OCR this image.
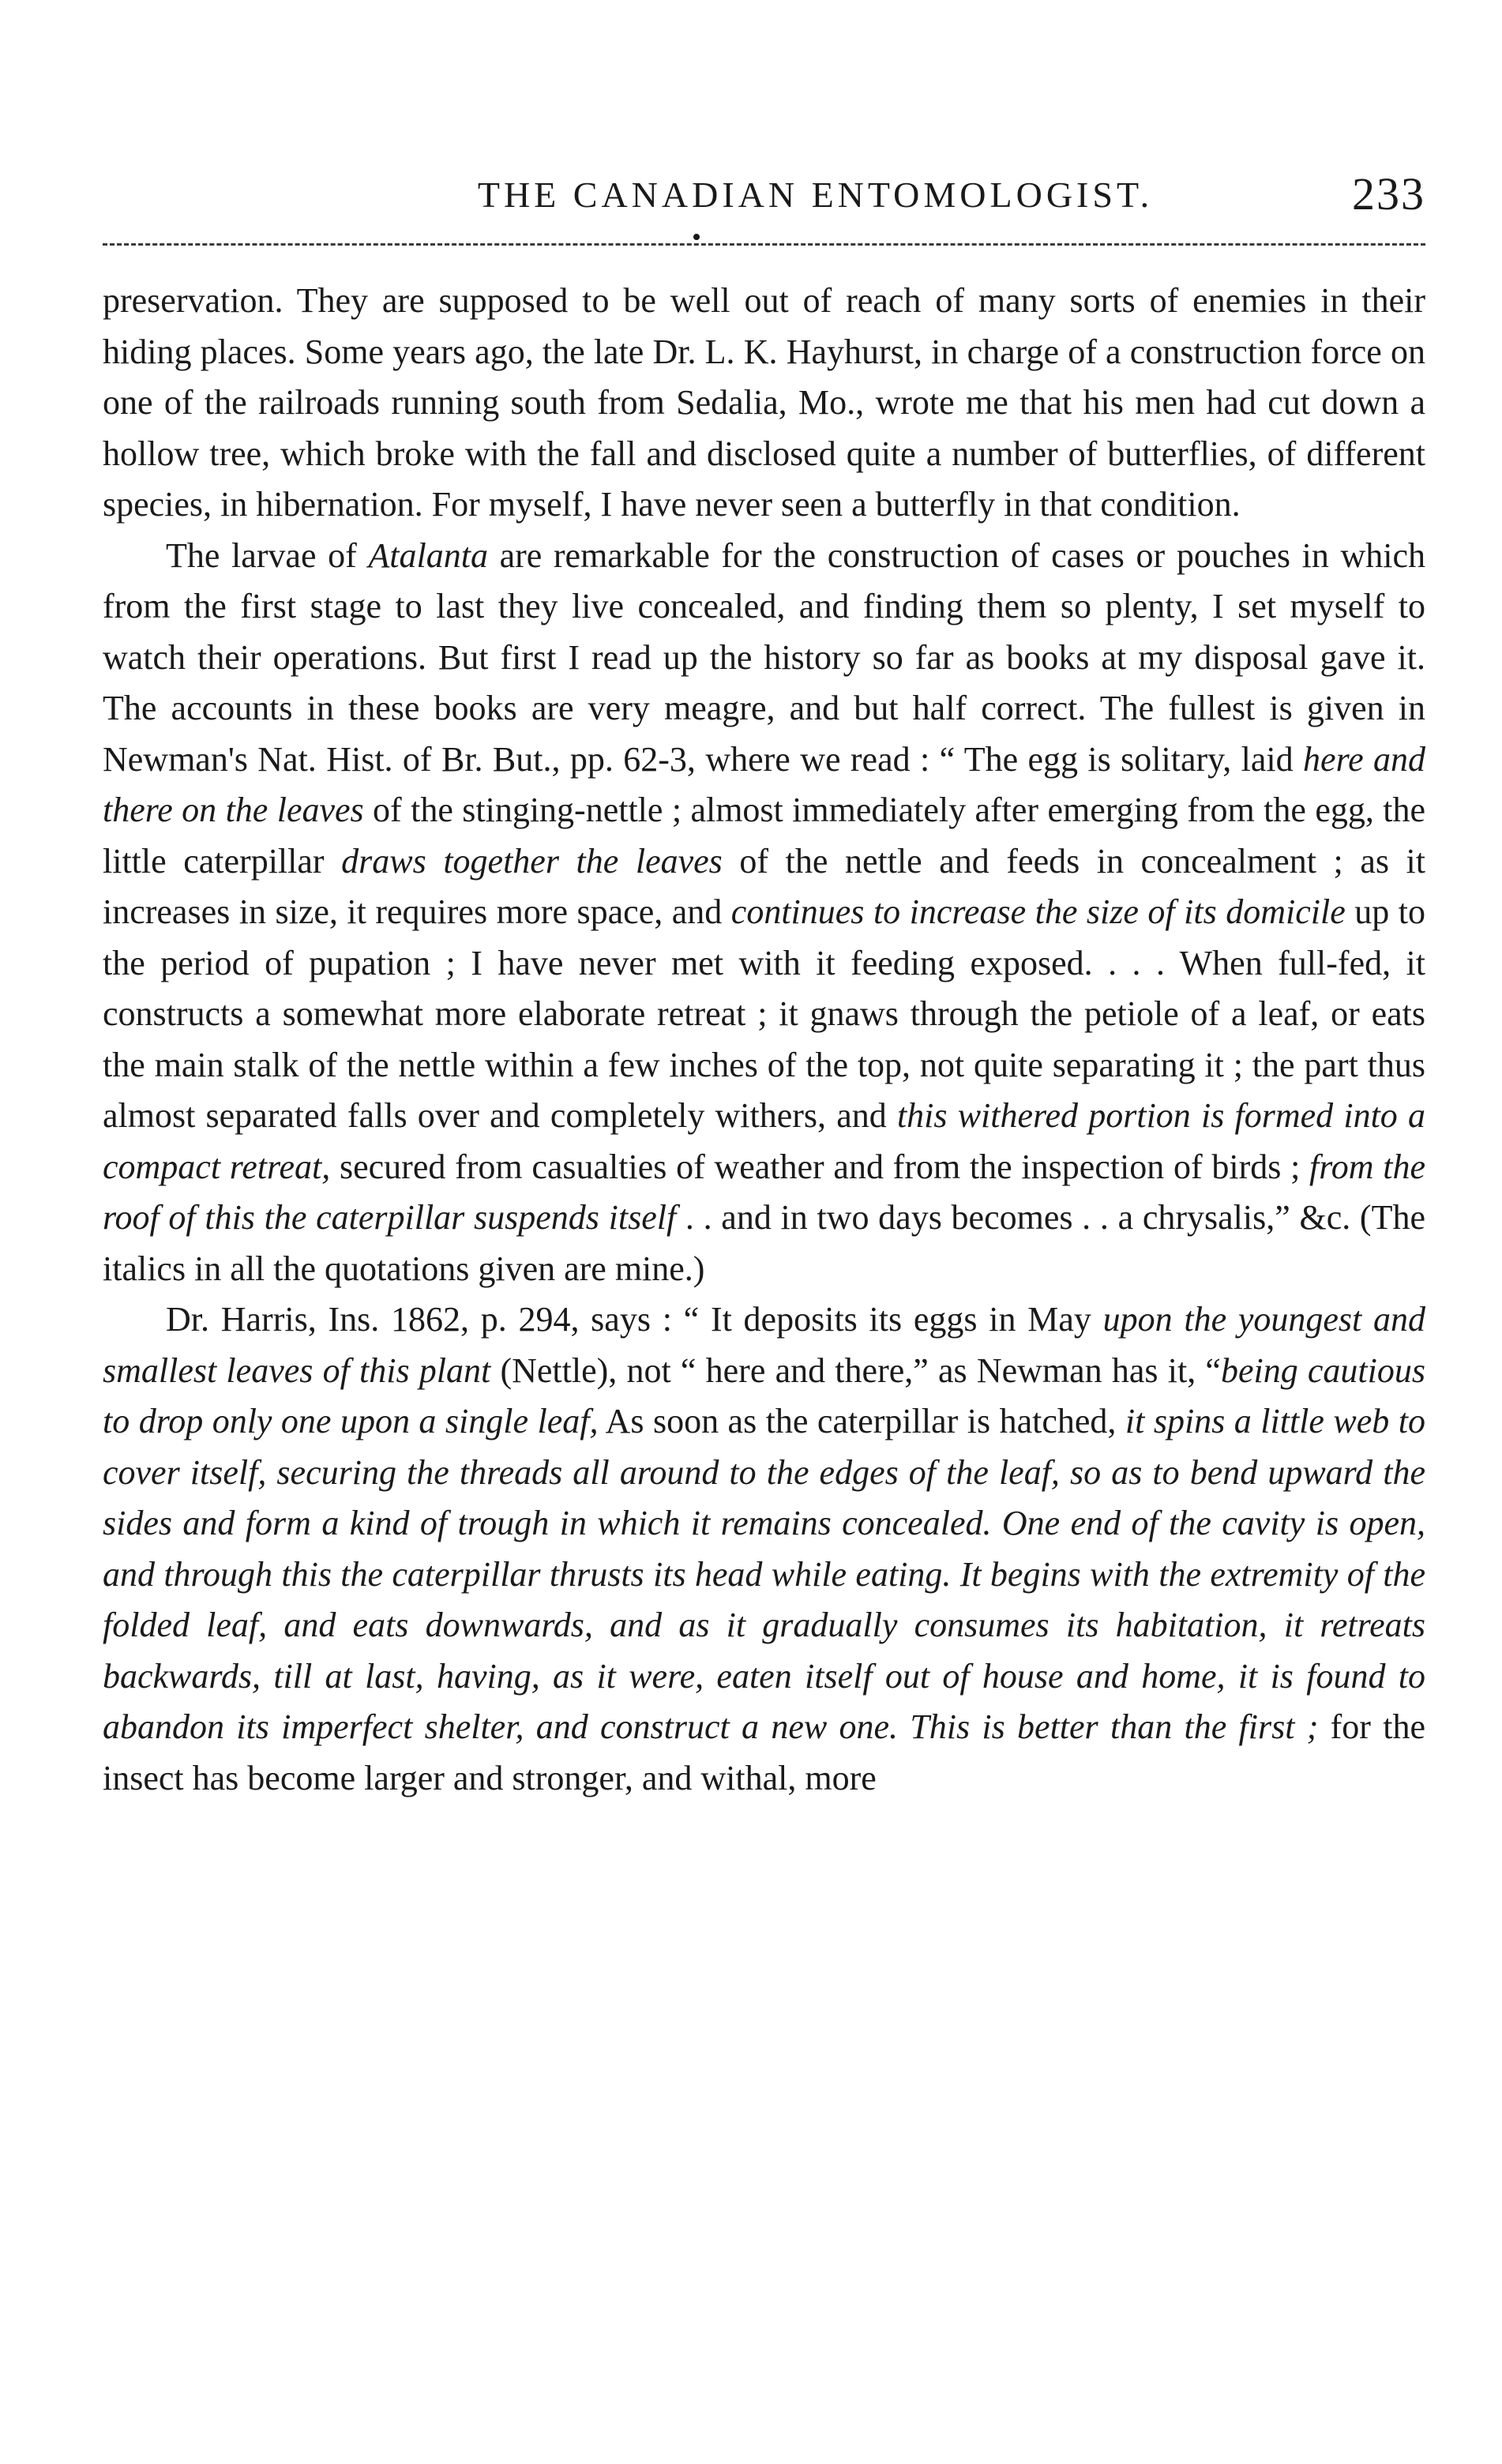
THE CANADIAN ENTOMOLOGIST.	233

preservation. They are supposed to be well out of reach of many sorts of enemies in their hiding places. Some years ago, the late Dr. L. K. Hayhurst, in charge of a construction force on one of the railroads running south from Sedalia, Mo., wrote me that his men had cut down a hollow tree, which broke with the fall and disclosed quite a number of butterflies, of different species, in hibernation. For myself, I have never seen a butterfly in that condition.

The larvae of Atalanta are remarkable for the construction of cases or pouches in which from the first stage to last they live concealed, and finding them so plenty, I set myself to watch their operations. But first I read up the history so far as books at my disposal gave it. The accounts in these books are very meagre, and but half correct. The fullest is given in Newman's Nat. Hist. of Br. But., pp. 62-3, where we read : “ The egg is solitary, laid here and there on the leaves of the stinging-nettle ; almost immediately after emerging from the egg, the little caterpillar draws together the leaves of the nettle and feeds in concealment ; as it increases in size, it requires more space, and continues to increase the size of its domicile up to the period of pupation ; I have never met with it feeding exposed. . . . When full-fed, it constructs a somewhat more elaborate retreat ; it gnaws through the petiole of a leaf, or eats the main stalk of the nettle within a few inches of the top, not quite separating it ; the part thus almost separated falls over and completely withers, and this withered portion is formed into a compact retreat, secured from casualties of weather and from the inspection of birds ; from the roof of this the caterpillar suspends itself . . and in two days becomes . . a chrysalis,” &c. (The italics in all the quotations given are mine.)

Dr. Harris, Ins. 1862, p. 294, says : “ It deposits its eggs in May upon the youngest and smallest leaves of this plant (Nettle), not “ here and there,” as Newman has it, “being cautious to drop only one upon a single leaf, As soon as the caterpillar is hatched, it spins a little web to cover itself, securing the threads all around to the edges of the leaf, so as to bend upward the sides and form a kind of trough in which it remains concealed. One end of the cavity is open, and through this the caterpillar thrusts its head while eating. It begins with the extremity of the folded leaf, and eats downwards, and as it gradually consumes its habitation, it retreats backwards, till at last, having, as it were, eaten itself out of house and home, it is found to abandon its imperfect shelter, and construct a new one. This is better than the first ; for the insect has become larger and stronger, and withal, more
